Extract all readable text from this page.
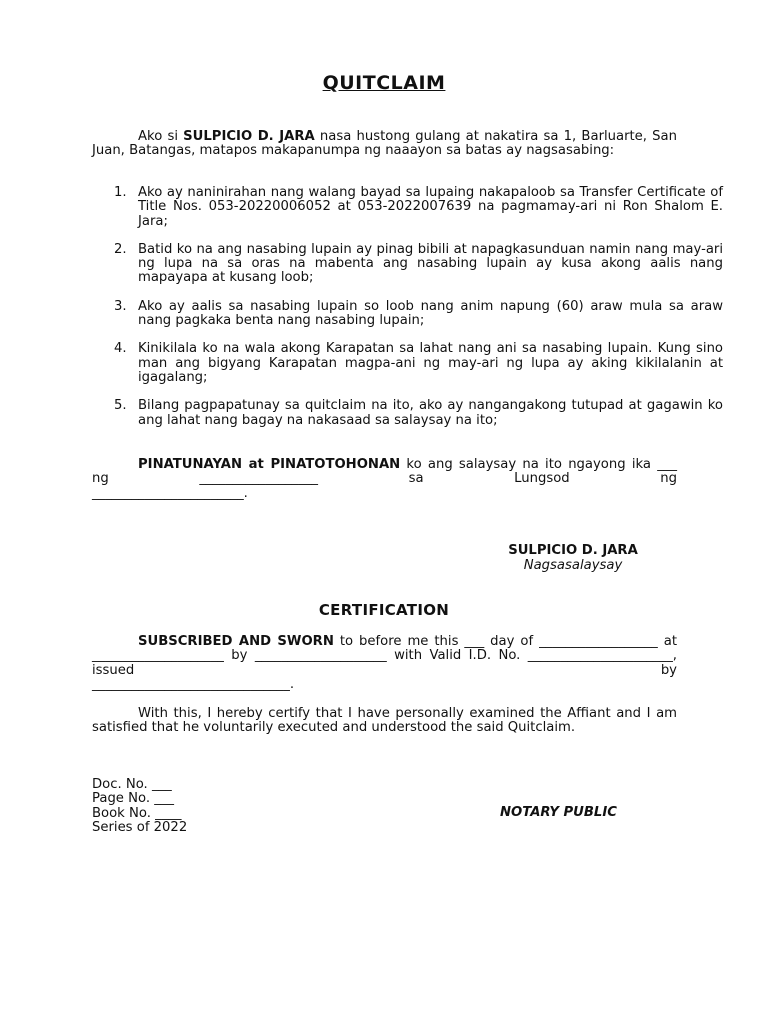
QUITCLAIM

Ako si SULPICIO D. JARA nasa hustong gulang at nakatira sa 1, Barluarte, San Juan, Batangas, matapos makapanumpa ng naaayon sa batas ay nagsasabing:

1. Ako ay naninirahan nang walang bayad sa lupaing nakapaloob sa Transfer Certificate of Title Nos. 053-20220006052 at 053-2022007639 na pagmamay-ari ni Ron Shalom E. Jara;
2. Batid ko na ang nasabing lupain ay pinag bibili at napagkasunduan namin nang may-ari ng lupa na sa oras na mabenta ang nasabing lupain ay kusa akong aalis nang mapayapa at kusang loob;
3. Ako ay aalis sa nasabing lupain so loob nang anim napung (60) araw mula sa araw nang pagkaka benta nang nasabing lupain;
4. Kinikilala ko na wala akong Karapatan sa lahat nang ani sa nasabing lupain. Kung sino man ang bigyang Karapatan magpa-ani ng may-ari ng lupa ay aking kikilalanin at igagalang;
5. Bilang pagpapatunay sa quitclaim na ito, ako ay nangangakong tutupad at gagawin ko ang lahat nang bagay na nakasaad sa salaysay na ito;
PINATUNAYAN at PINATOTOHONAN ko ang salaysay na ito ngayong ika ___ ng __________________ sa Lungsod ng
_______________________.
SULPICIO D. JARA
Nagsasalaysay
CERTIFICATION
SUBSCRIBED AND SWORN to before me this ___ day of __________________ at ____________________ by ____________________ with Valid I.D. No. ______________________, issued by
______________________________.

With this, I hereby certify that I have personally examined the Affiant and I am satisfied that he voluntarily executed and understood the said Quitclaim.

Doc. No. ___
Page No. ___
Book No. ____
Series of 2022
NOTARY PUBLIC
